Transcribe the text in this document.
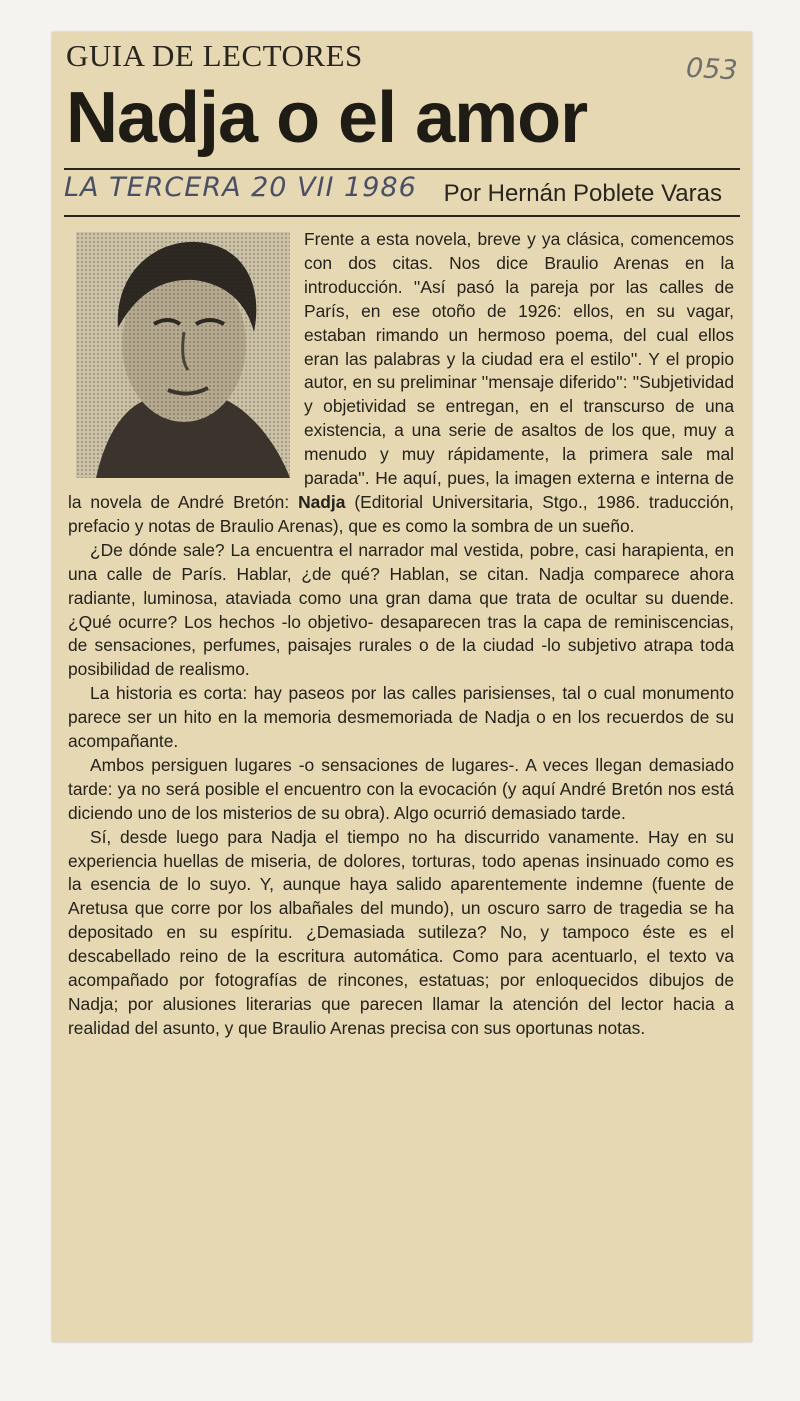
GUIA DE LECTORES	053
Nadja o el amor
LA TERCERA 20 VII 1986 Por Hernán Poblete Varas

Frente a esta novela, breve y ya clásica, comencemos con dos citas. Nos dice Braulio Arenas en la introducción. ''Así pasó la pareja por las calles de París, en ese otoño de 1926: ellos, en su vagar, estaban rimando un hermoso poema, del cual ellos eran las palabras y la ciudad era el estilo''. Y el propio autor, en su preliminar ''mensaje diferido'': ''Subjetividad y objetividad se entregan, en el transcurso de una existencia, a una serie de asaltos de los que, muy a menudo y muy rápidamente, la primera sale mal parada''. He aquí, pues, la imagen externa e interna de la novela de André Bretón: Nadja (Editorial Universitaria, Stgo., 1986. traducción, prefacio y notas de Braulio Arenas), que es como la sombra de un sueño.

¿De dónde sale? La encuentra el narrador mal vestida, pobre, casi harapienta, en una calle de París. Hablar, ¿de qué? Hablan, se citan. Nadja comparece ahora radiante, luminosa, ataviada como una gran dama que trata de ocultar su duende. ¿Qué ocurre? Los hechos -lo objetivo- desaparecen tras la capa de reminiscencias, de sensaciones, perfumes, paisajes rurales o de la ciudad -lo subjetivo atrapa toda posibilidad de realismo.

La historia es corta: hay paseos por las calles parisienses, tal o cual monumento parece ser un hito en la memoria desmemoriada de Nadja o en los recuerdos de su acompañante.

Ambos persiguen lugares -o sensaciones de lugares-. A veces llegan demasiado tarde: ya no será posible el encuentro con la evocación (y aquí André Bretón nos está diciendo uno de los misterios de su obra). Algo ocurrió demasiado tarde.

Sí, desde luego para Nadja el tiempo no ha discurrido vanamente. Hay en su experiencia huellas de miseria, de dolores, torturas, todo apenas insinuado como es la esencia de lo suyo. Y, aunque haya salido aparentemente indemne (fuente de Aretusa que corre por los albañales del mundo), un oscuro sarro de tragedia se ha depositado en su espíritu. ¿Demasiada sutileza? No, y tampoco éste es el descabellado reino de la escritura automática. Como para acentuarlo, el texto va acompañado por fotografías de rincones, estatuas; por enloquecidos dibujos de Nadja; por alusiones literarias que parecen llamar la atención del lector hacia a realidad del asunto, y que Braulio Arenas precisa con sus oportunas notas.
